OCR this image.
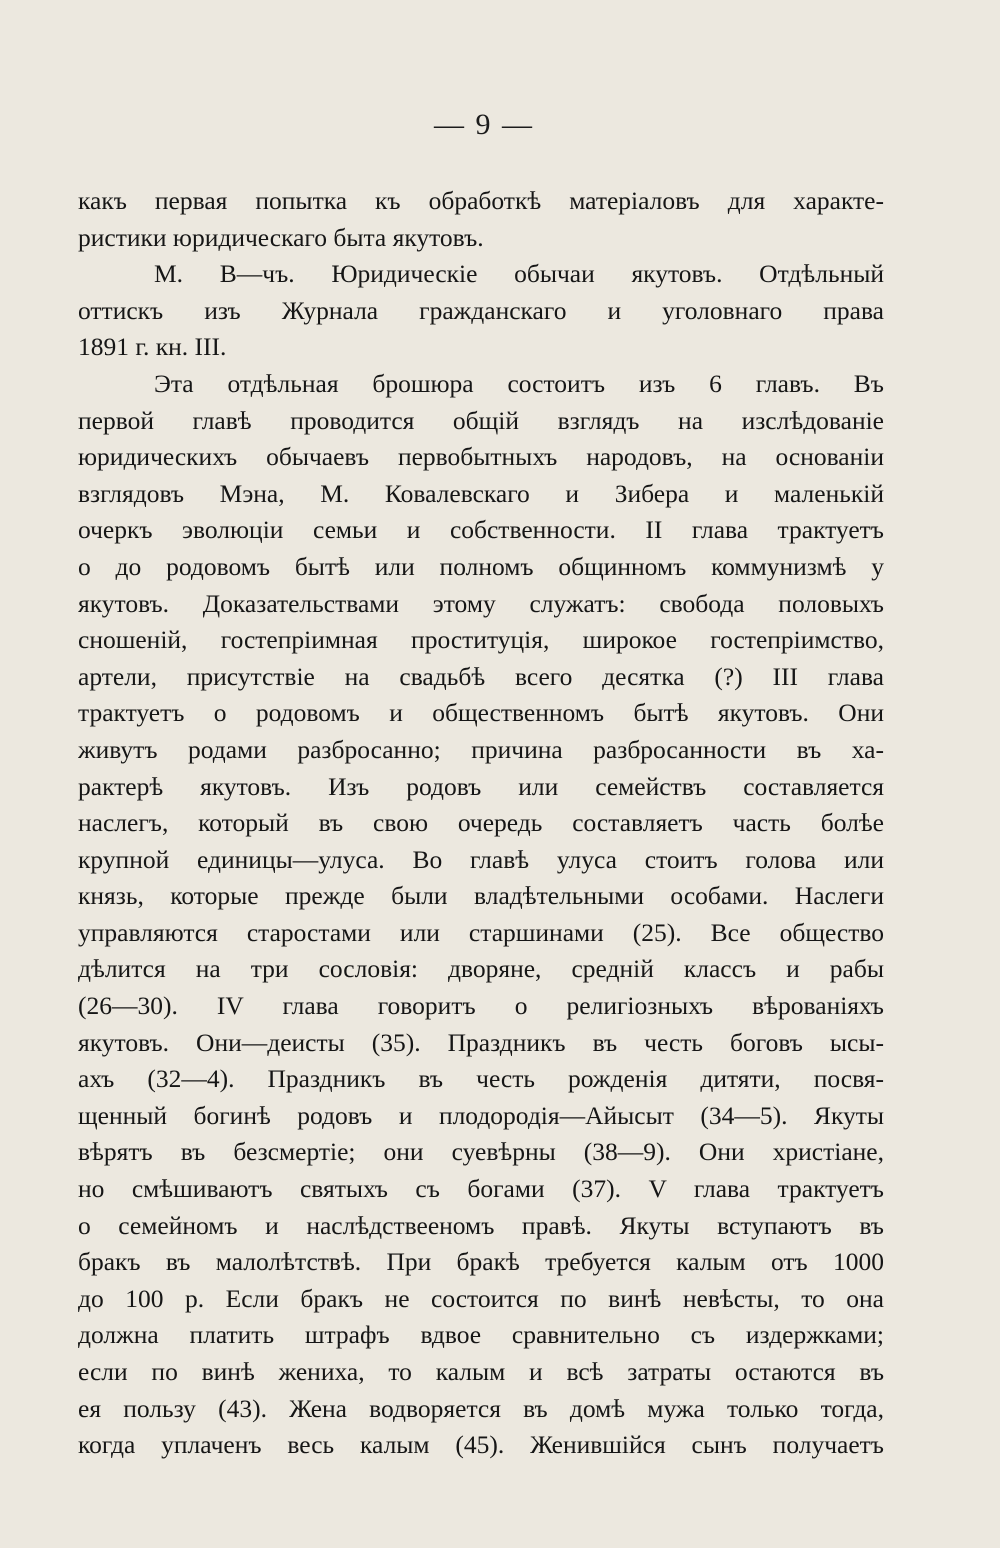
— 9 —
какъ первая попытка къ обработкѣ матеріаловъ для характе-
ристики юридическаго быта якутовъ.
М. В—чъ. Юридическіе обычаи якутовъ. Отдѣльный
оттискъ изъ Журнала гражданскаго и уголовнаго права
1891 г. кн. III.
Эта отдѣльная брошюра состоитъ изъ 6 главъ. Въ
первой главѣ проводится общій взглядъ на изслѣдованіе
юридическихъ обычаевъ первобытныхъ народовъ, на основаніи
взглядовъ Мэна, М. Ковалевскаго и Зибера и маленькій
очеркъ эволюціи семьи и собственности. II глава трактуетъ
о до родовомъ бытѣ или полномъ общинномъ коммунизмѣ у
якутовъ. Доказательствами этому служатъ: свобода половыхъ
сношеній, гостепріимная проституція, широкое гостепріимство,
артели, присутствіе на свадьбѣ всего десятка (?) III глава
трактуетъ о родовомъ и общественномъ бытѣ якутовъ. Они
живутъ родами разбросанно; причина разбросанности въ ха-
рактерѣ якутовъ. Изъ родовъ или семействъ составляется
наслегъ, который въ свою очередь составляетъ часть болѣе
крупной единицы—улуса. Во главѣ улуса стоитъ голова или
князь, которые прежде были владѣтельными особами. Наслеги
управляются старостами или старшинами (25). Все общество
дѣлится на три сословія: дворяне, средній классъ и рабы
(26—30). IV глава говоритъ о религіозныхъ вѣрованіяхъ
якутовъ. Они—деисты (35). Праздникъ въ честь боговъ ысы-
ахъ (32—4). Праздникъ въ честь рожденія дитяти, посвя-
щенный богинѣ родовъ и плодородія—Айысыт (34—5). Якуты
вѣрятъ въ безсмертіе; они суевѣрны (38—9). Они христіане,
но смѣшиваютъ святыхъ съ богами (37). V глава трактуетъ
о семейномъ и наслѣдствееномъ правѣ. Якуты вступаютъ въ
бракъ въ малолѣтствѣ. При бракѣ требуется калым отъ 1000
до 100 р. Если бракъ не состоится по винѣ невѣсты, то она
должна платить штрафъ вдвое сравнительно съ издержками;
если по винѣ жениха, то калым и всѣ затраты остаются въ
ея пользу (43). Жена водворяется въ домѣ мужа только тогда,
когда уплаченъ весь калым (45). Женившійся сынъ получаетъ
